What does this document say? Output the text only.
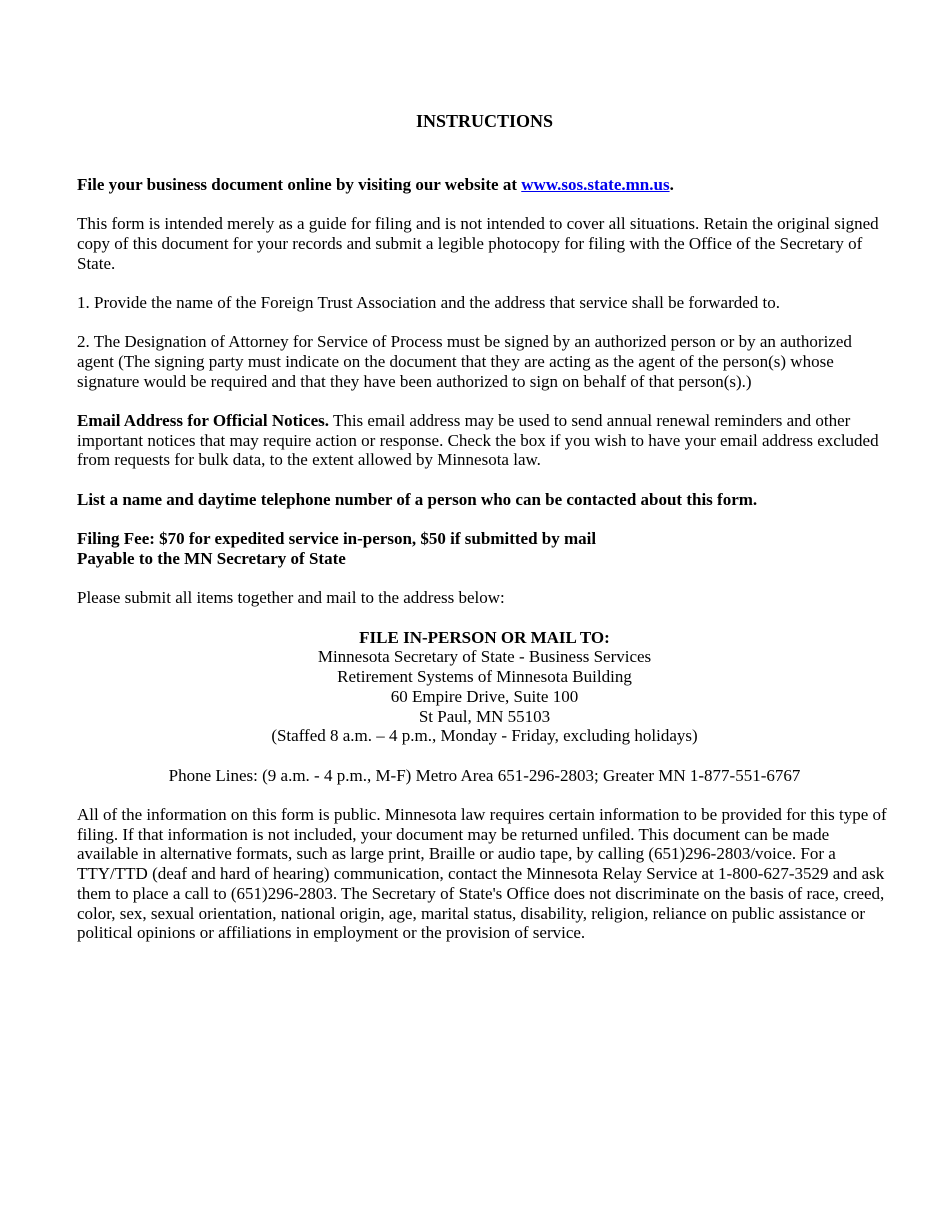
INSTRUCTIONS

File your business document online by visiting our website at www.sos.state.mn.us.

This form is intended merely as a guide for filing and is not intended to cover all situations. Retain the original signed copy of this document for your records and submit a legible photocopy for filing with the Office of the Secretary of State.

1. Provide the name of the Foreign Trust Association and the address that service shall be forwarded to.

2. The Designation of Attorney for Service of Process must be signed by an authorized person or by an authorized agent (The signing party must indicate on the document that they are acting as the agent of the person(s) whose signature would be required and that they have been authorized to sign on behalf of that person(s).)

Email Address for Official Notices. This email address may be used to send annual renewal reminders and other important notices that may require action or response. Check the box if you wish to have your email address excluded from requests for bulk data, to the extent allowed by Minnesota law.

List a name and daytime telephone number of a person who can be contacted about this form.

Filing Fee: $70 for expedited service in-person, $50 if submitted by mail
Payable to the MN Secretary of State

Please submit all items together and mail to the address below:

FILE IN-PERSON OR MAIL TO:
Minnesota Secretary of State - Business Services
Retirement Systems of Minnesota Building
60 Empire Drive, Suite 100
St Paul, MN 55103
(Staffed 8 a.m. – 4 p.m., Monday - Friday, excluding holidays)
Phone Lines: (9 a.m. - 4 p.m., M-F) Metro Area 651-296-2803; Greater MN 1-877-551-6767

All of the information on this form is public. Minnesota law requires certain information to be provided for this type of filing. If that information is not included, your document may be returned unfiled. This document can be made available in alternative formats, such as large print, Braille or audio tape, by calling (651)296-2803/voice. For a TTY/TTD (deaf and hard of hearing) communication, contact the Minnesota Relay Service at 1-800-627-3529 and ask them to place a call to (651)296-2803. The Secretary of State's Office does not discriminate on the basis of race, creed, color, sex, sexual orientation, national origin, age, marital status, disability, religion, reliance on public assistance or political opinions or affiliations in employment or the provision of service.
